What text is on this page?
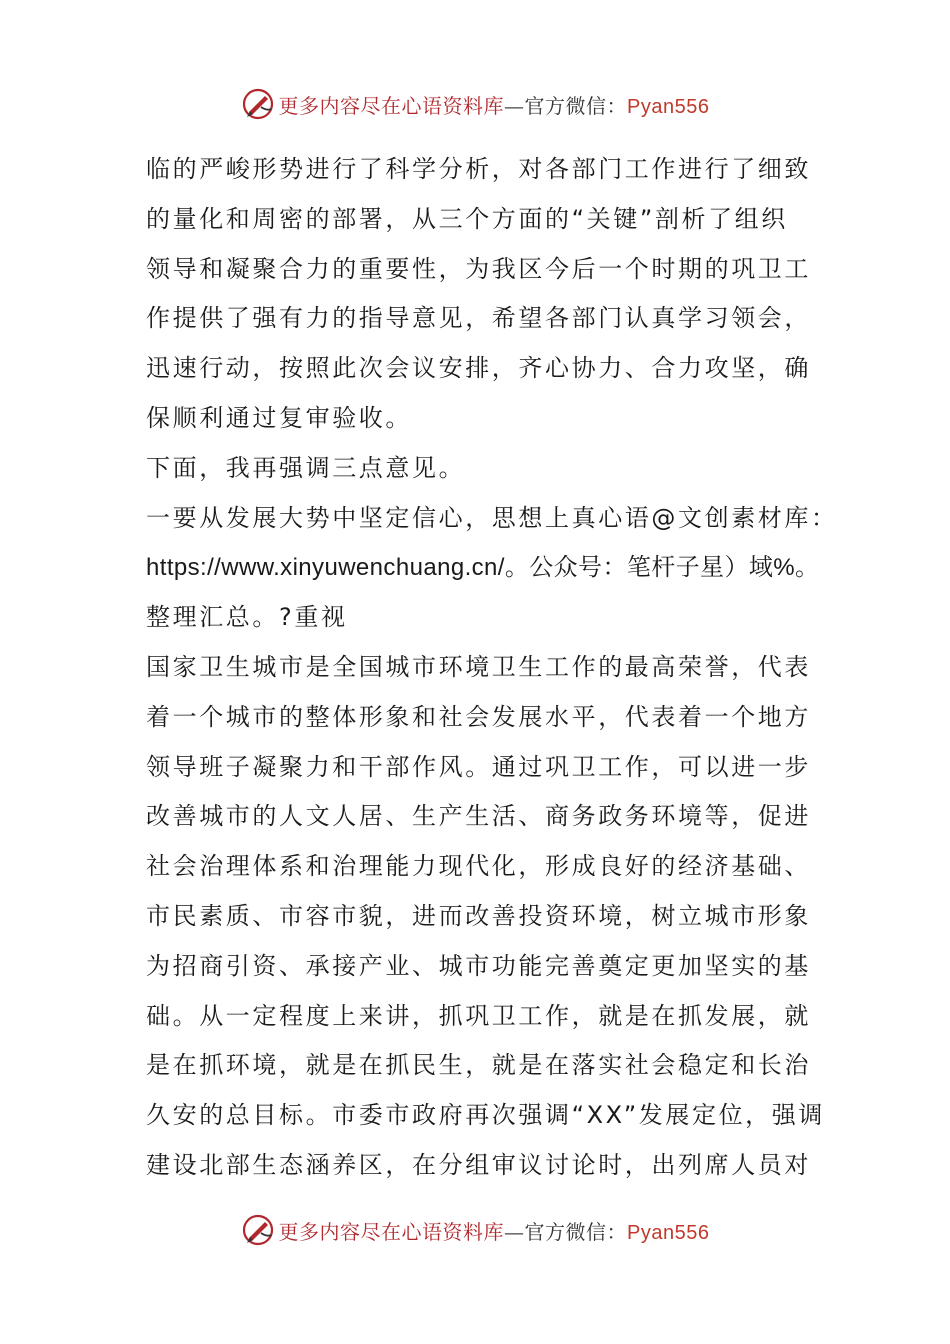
更多内容尽在心语资料库—官方微信：Pyan556
临的严峻形势进行了科学分析，对各部门工作进行了细致
的量化和周密的部署，从三个方面的“关键”剖析了组织
领导和凝聚合力的重要性，为我区今后一个时期的巩卫工
作提供了强有力的指导意见，希望各部门认真学习领会，
迅速行动，按照此次会议安排，齐心协力、合力攻坚，确
保顺利通过复审验收。
下面，我再强调三点意见。
一要从发展大势中坚定信心，思想上真心语@文创素材库：
https://www.xinyuwenchuang.cn/。公众号：笔杆子星）域%。
整理汇总。?重视
国家卫生城市是全国城市环境卫生工作的最高荣誉，代表
着一个城市的整体形象和社会发展水平，代表着一个地方
领导班子凝聚力和干部作风。通过巩卫工作，可以进一步
改善城市的人文人居、生产生活、商务政务环境等，促进
社会治理体系和治理能力现代化，形成良好的经济基础、
市民素质、市容市貌，进而改善投资环境，树立城市形象
为招商引资、承接产业、城市功能完善奠定更加坚实的基
础。从一定程度上来讲，抓巩卫工作，就是在抓发展，就
是在抓环境，就是在抓民生，就是在落实社会稳定和长治
久安的总目标。市委市政府再次强调“XX”发展定位，强调
建设北部生态涵养区，在分组审议讨论时，出列席人员对
更多内容尽在心语资料库—官方微信：Pyan556
